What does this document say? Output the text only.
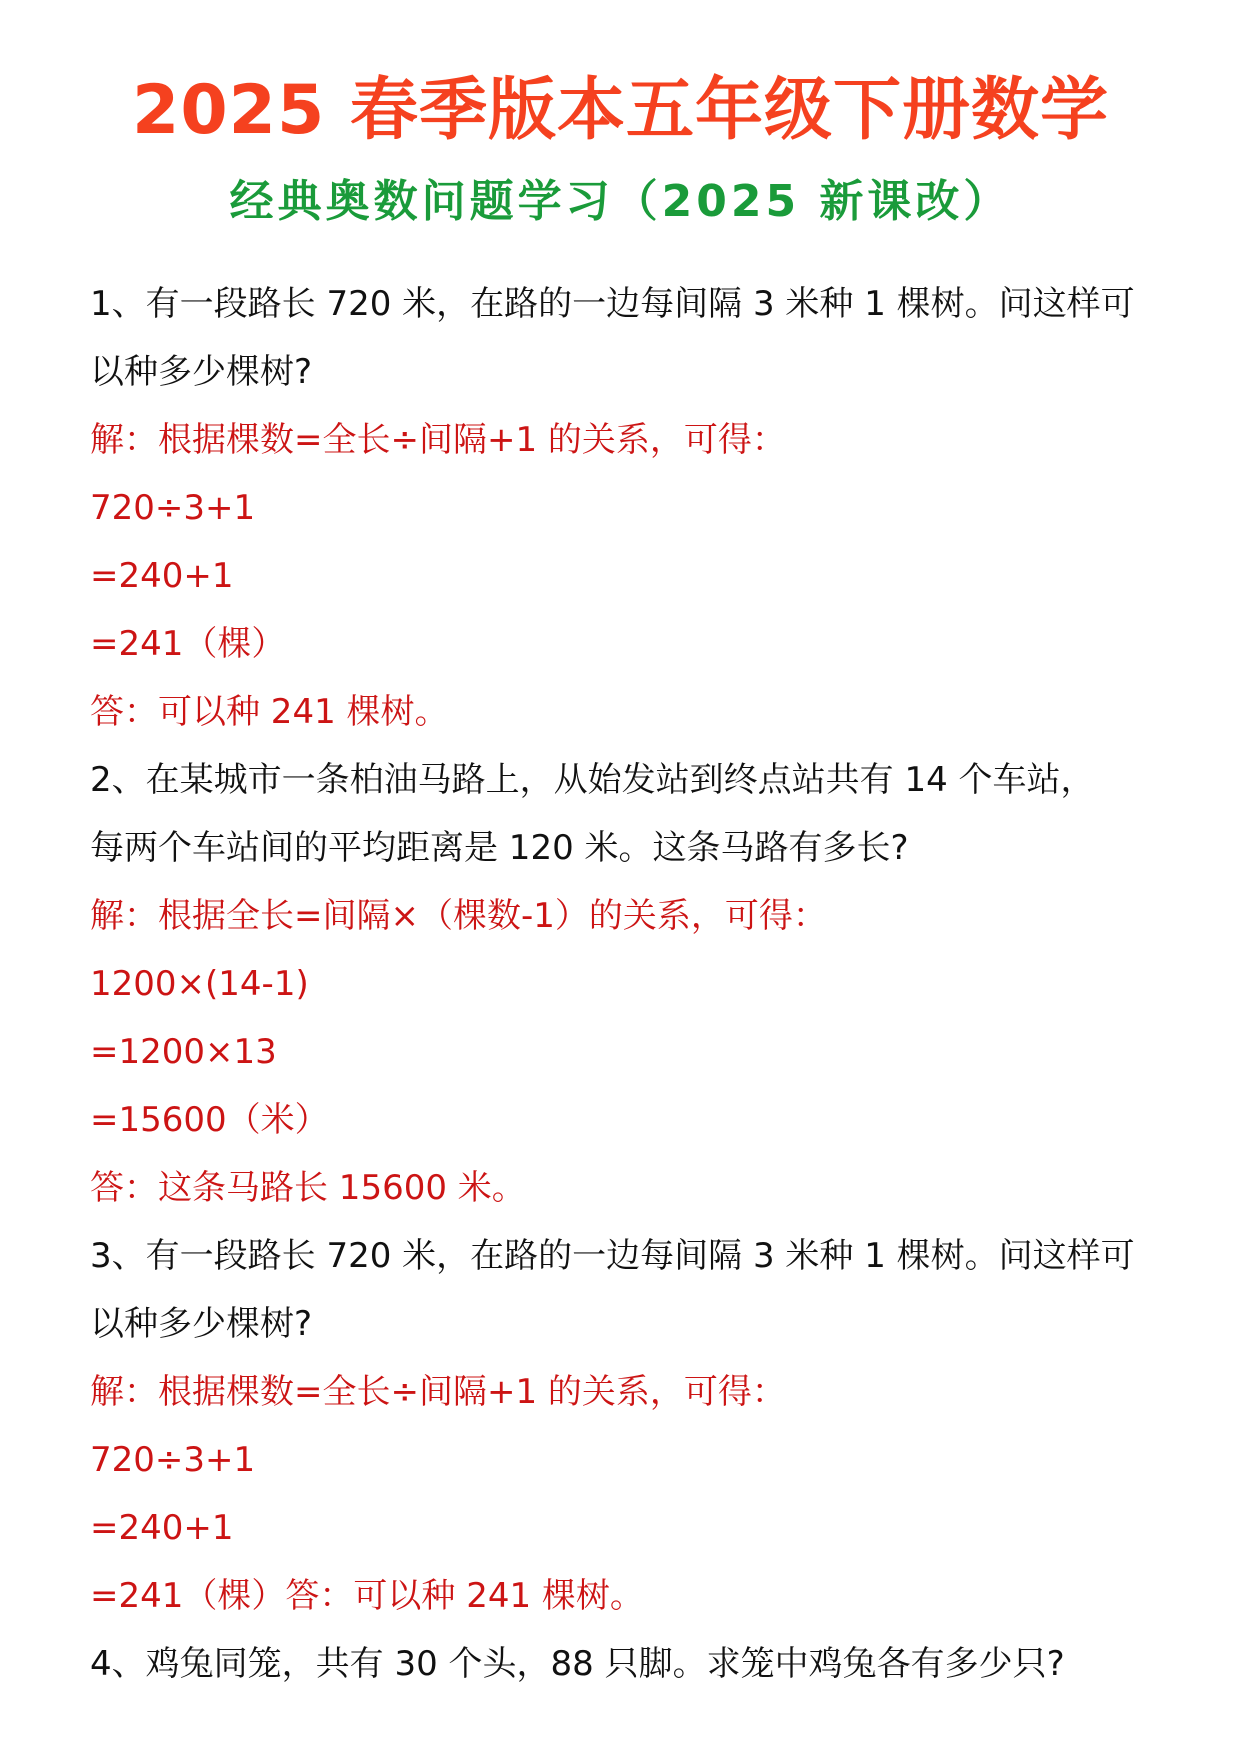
2025 春季版本五年级下册数学
经典奥数问题学习（2025 新课改）
1、有一段路长 720 米，在路的一边每间隔 3 米种 1 棵树。问这样可
以种多少棵树?
解：根据棵数=全长÷间隔+1 的关系，可得：
720÷3+1
=240+1
=241（棵）
答：可以种 241 棵树。
2、在某城市一条柏油马路上，从始发站到终点站共有 14 个车站，
每两个车站间的平均距离是 120 米。这条马路有多长?
解：根据全长=间隔×（棵数-1）的关系，可得：
1200×(14-1)
=1200×13
=15600（米）
答：这条马路长 15600 米。
3、有一段路长 720 米，在路的一边每间隔 3 米种 1 棵树。问这样可
以种多少棵树?
解：根据棵数=全长÷间隔+1 的关系，可得：
720÷3+1
=240+1
=241（棵）答：可以种 241 棵树。
4、鸡兔同笼，共有 30 个头，88 只脚。求笼中鸡兔各有多少只?
